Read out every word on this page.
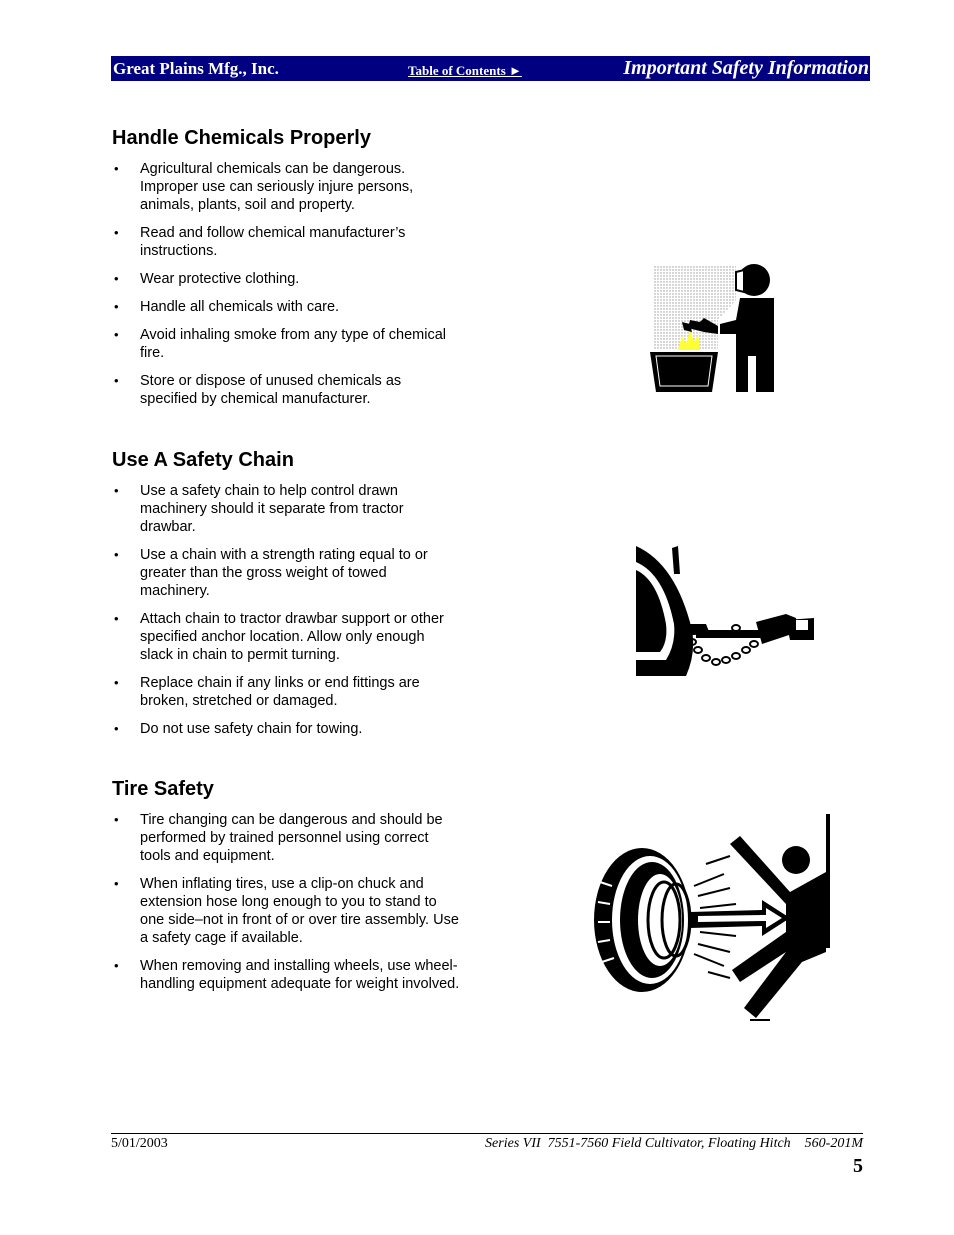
Great Plains Mfg., Inc.	Table of Contents ►	Important Safety Information
Handle Chemicals Properly
• Agricultural chemicals can be dangerous. Improper use can seriously injure persons, animals, plants, soil and property.
• Read and follow chemical manufacturer’s instructions.
• Wear protective clothing.
• Handle all chemicals with care.
• Avoid inhaling smoke from any type of chemical fire.
• Store or dispose of unused chemicals as specified by chemical manufacturer.
Use A Safety Chain
• Use a safety chain to help control drawn machinery should it separate from tractor drawbar.
• Use a chain with a strength rating equal to or greater than the gross weight of towed machinery.
• Attach chain to tractor drawbar support or other specified anchor location. Allow only enough slack in chain to permit turning.
• Replace chain if any links or end fittings are broken, stretched or damaged.
• Do not use safety chain for towing.
Tire Safety
• Tire changing can be dangerous and should be performed by trained personnel using correct tools and equipment.
• When inflating tires, use a clip-on chuck and extension hose long enough to you to stand to one side–not in front of or over tire assembly. Use a safety cage if available.
• When removing and installing wheels, use wheel-handling equipment adequate for weight involved.
5/01/2003	Series VII  7551-7560 Field Cultivator, Floating Hitch    560-201M
5
